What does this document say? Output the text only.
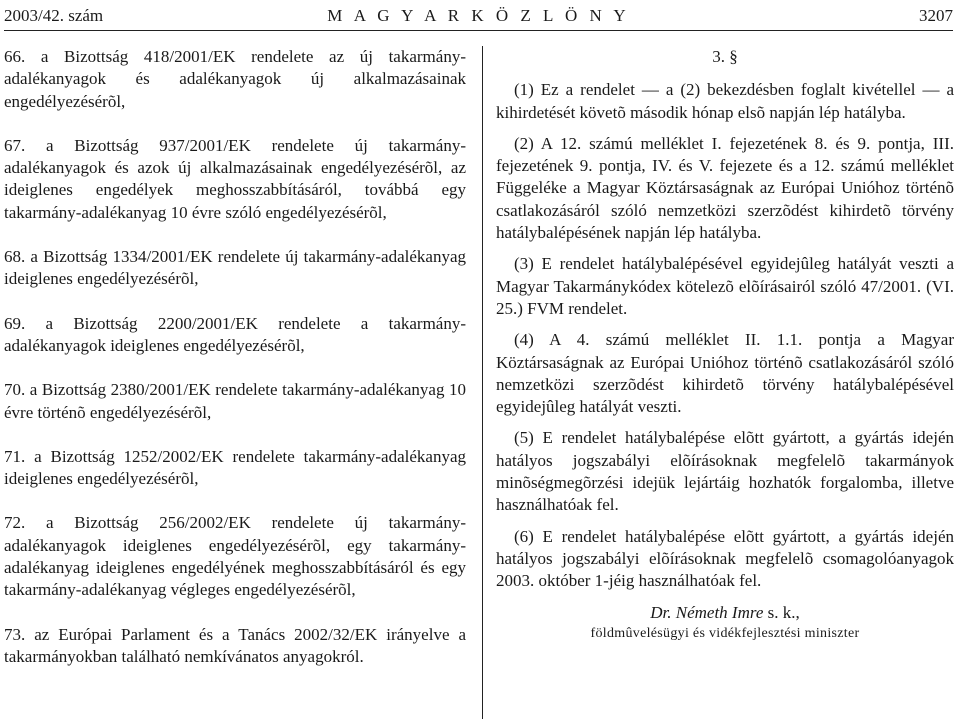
2003/42. szám	M A G Y A R K Ö Z L Ö N Y	3207

66. a Bizottság 418/2001/EK rendelete az új takarmány-adalékanyagok és adalékanyagok új alkalmazásainak engedélyezésérõl,

67. a Bizottság 937/2001/EK rendelete új takarmány-adalékanyagok és azok új alkalmazásainak engedélyezésérõl, az ideiglenes engedélyek meghosszabbításáról, továbbá egy takarmány-adalékanyag 10 évre szóló engedélyezésérõl,

68. a Bizottság 1334/2001/EK rendelete új takarmány-adalékanyag ideiglenes engedélyezésérõl,

69. a Bizottság 2200/2001/EK rendelete a takarmány-adalékanyagok ideiglenes engedélyezésérõl,

70. a Bizottság 2380/2001/EK rendelete takarmány-adalékanyag 10 évre történõ engedélyezésérõl,

71. a Bizottság 1252/2002/EK rendelete takarmány-adalékanyag ideiglenes engedélyezésérõl,

72. a Bizottság 256/2002/EK rendelete új takarmány-adalékanyagok ideiglenes engedélyezésérõl, egy takarmány-adalékanyag ideiglenes engedélyének meghosszabbításáról és egy takarmány-adalékanyag végleges engedélyezésérõl,

73. az Európai Parlament és a Tanács 2002/32/EK irányelve a takarmányokban található nemkívánatos anyagokról.

3. §

(1) Ez a rendelet — a (2) bekezdésben foglalt kivétellel — a kihirdetését követõ második hónap elsõ napján lép hatályba.

(2) A 12. számú melléklet I. fejezetének 8. és 9. pontja, III. fejezetének 9. pontja, IV. és V. fejezete és a 12. számú melléklet Függeléke a Magyar Köztársaságnak az Európai Unióhoz történõ csatlakozásáról szóló nemzetközi szerzõdést kihirdetõ törvény hatálybalépésének napján lép hatályba.

(3) E rendelet hatálybalépésével egyidejûleg hatályát veszti a Magyar Takarmánykódex kötelezõ elõírásairól szóló 47/2001. (VI. 25.) FVM rendelet.

(4) A 4. számú melléklet II. 1.1. pontja a Magyar Köztársaságnak az Európai Unióhoz történõ csatlakozásáról szóló nemzetközi szerzõdést kihirdetõ törvény hatálybalépésével egyidejûleg hatályát veszti.

(5) E rendelet hatálybalépése elõtt gyártott, a gyártás idején hatályos jogszabályi elõírásoknak megfelelõ takarmányok minõségmegõrzési idejük lejártáig hozhatók forgalomba, illetve használhatóak fel.

(6) E rendelet hatálybalépése elõtt gyártott, a gyártás idején hatályos jogszabályi elõírásoknak megfelelõ csomagolóanyagok 2003. október 1-jéig használhatóak fel.

Dr. Németh Imre s. k.,
földmûvelésügyi és vidékfejlesztési miniszter
